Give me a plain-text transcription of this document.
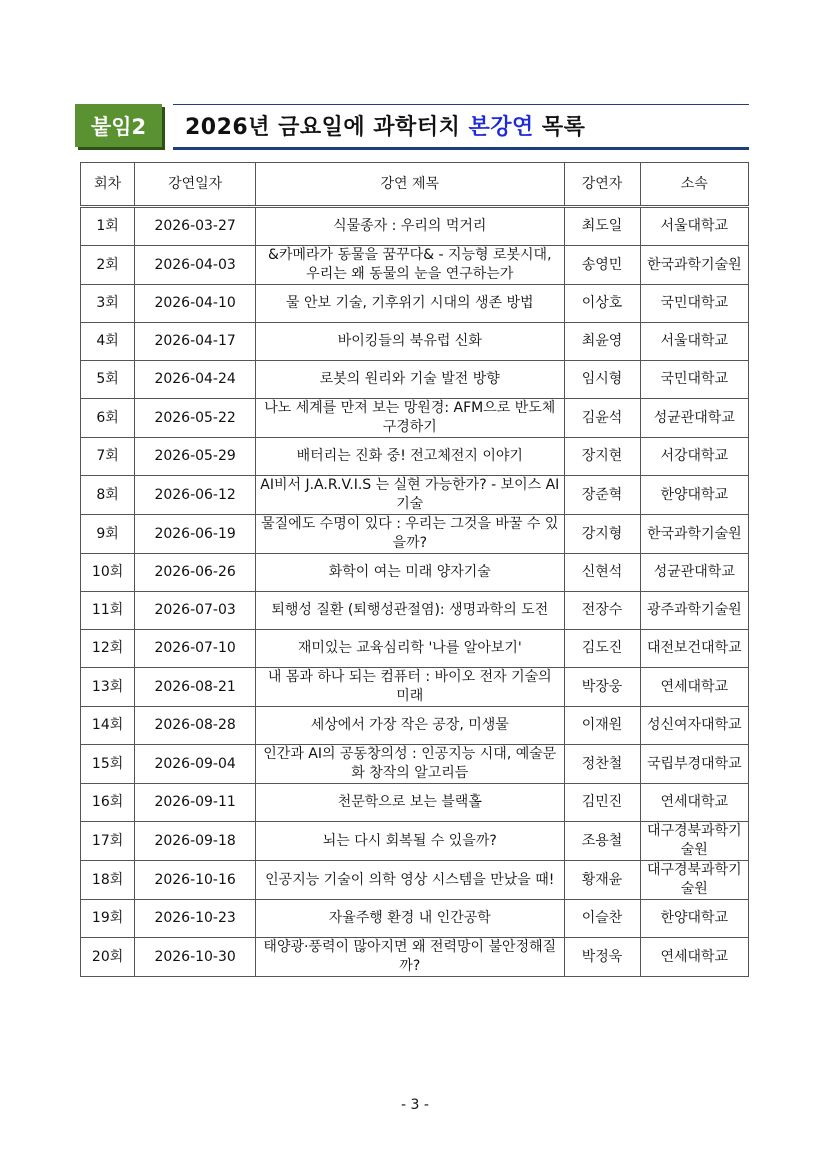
붙임2	2026년 금요일에 과학터치 본강연 목록
회차	강연일자	강연 제목	강연자	소속
1회	2026-03-27	식물종자 : 우리의 먹거리	최도일	서울대학교
2회	2026-04-03	&카메라가 동물을 꿈꾸다& - 지능형 로봇시대, 우리는 왜 동물의 눈을 연구하는가	송영민	한국과학기술원
3회	2026-04-10	물 안보 기술, 기후위기 시대의 생존 방법	이상호	국민대학교
4회	2026-04-17	바이킹들의 북유럽 신화	최윤영	서울대학교
5회	2026-04-24	로봇의 원리와 기술 발전 방향	임시형	국민대학교
6회	2026-05-22	나노 세계를 만져 보는 망원경: AFM으로 반도체 구경하기	김윤석	성균관대학교
7회	2026-05-29	배터리는 진화 중! 전고체전지 이야기	장지현	서강대학교
8회	2026-06-12	AI비서 J.A.R.V.I.S 는 실현 가능한가? - 보이스 AI 기술	장준혁	한양대학교
9회	2026-06-19	물질에도 수명이 있다 : 우리는 그것을 바꿀 수 있을까?	강지형	한국과학기술원
10회	2026-06-26	화학이 여는 미래 양자기술	신현석	성균관대학교
11회	2026-07-03	퇴행성 질환 (퇴행성관절염): 생명과학의 도전	전장수	광주과학기술원
12회	2026-07-10	재미있는 교육심리학 '나를 알아보기'	김도진	대전보건대학교
13회	2026-08-21	내 몸과 하나 되는 컴퓨터 : 바이오 전자 기술의 미래	박장웅	연세대학교
14회	2026-08-28	세상에서 가장 작은 공장, 미생물	이재원	성신여자대학교
15회	2026-09-04	인간과 AI의 공동창의성 : 인공지능 시대, 예술문화 창작의 알고리듬	정찬철	국립부경대학교
16회	2026-09-11	천문학으로 보는 블랙홀	김민진	연세대학교
17회	2026-09-18	뇌는 다시 회복될 수 있을까?	조용철	대구경북과학기술원
18회	2026-10-16	인공지능 기술이 의학 영상 시스템을 만났을 때!	황재윤	대구경북과학기술원
19회	2026-10-23	자율주행 환경 내 인간공학	이슬찬	한양대학교
20회	2026-10-30	태양광·풍력이 많아지면 왜 전력망이 불안정해질까?	박정욱	연세대학교
- 3 -
